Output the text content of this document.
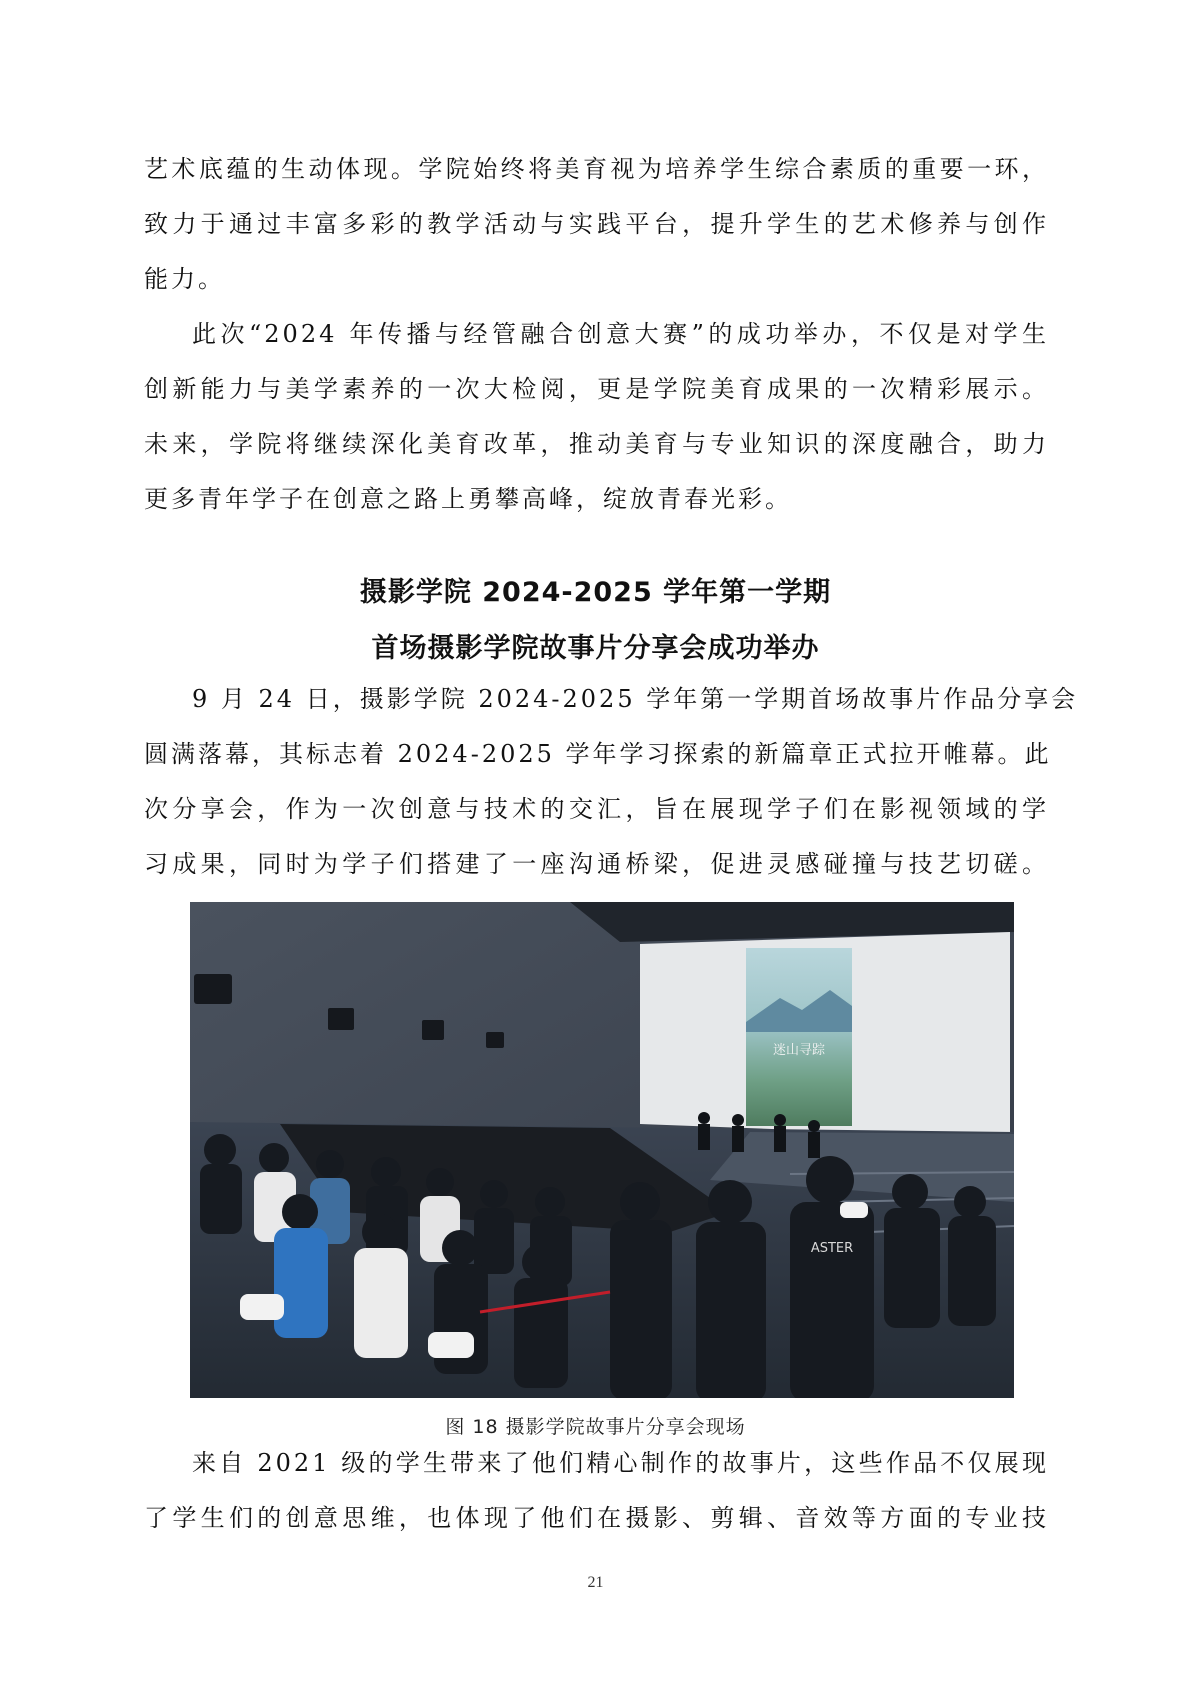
艺术底蕴的生动体现。学院始终将美育视为培养学生综合素质的重要一环，
致力于通过丰富多彩的教学活动与实践平台，提升学生的艺术修养与创作
能力。
此次“2024 年传播与经管融合创意大赛”的成功举办，不仅是对学生
创新能力与美学素养的一次大检阅，更是学院美育成果的一次精彩展示。
未来，学院将继续深化美育改革，推动美育与专业知识的深度融合，助力
更多青年学子在创意之路上勇攀高峰，绽放青春光彩。
摄影学院 2024-2025 学年第一学期
首场摄影学院故事片分享会成功举办
9 月 24 日，摄影学院 2024-2025 学年第一学期首场故事片作品分享会
圆满落幕，其标志着 2024-2025 学年学习探索的新篇章正式拉开帷幕。此
次分享会，作为一次创意与技术的交汇，旨在展现学子们在影视领域的学
习成果，同时为学子们搭建了一座沟通桥梁，促进灵感碰撞与技艺切磋。
迷山寻踪
ASTER
图 18 摄影学院故事片分享会现场
来自 2021 级的学生带来了他们精心制作的故事片，这些作品不仅展现
了学生们的创意思维，也体现了他们在摄影、剪辑、音效等方面的专业技
21
